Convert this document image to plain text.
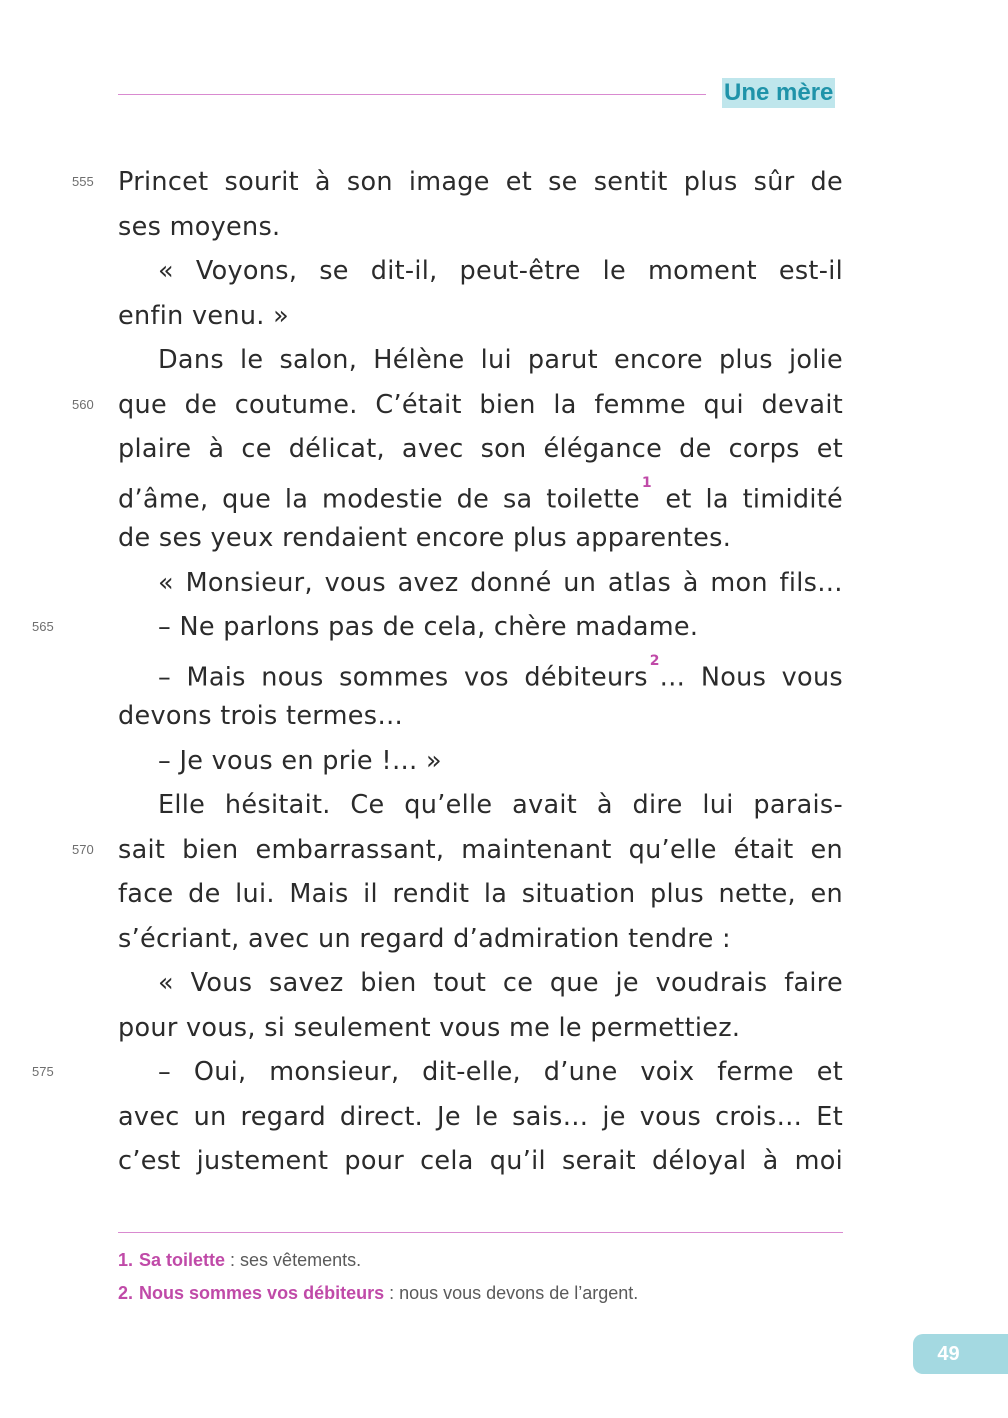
Une mère
555 Princet sourit à son image et se sentit plus sûr de
ses moyens.
« Voyons, se dit-il, peut-être le moment est-il
enfin venu. »
Dans le salon, Hélène lui parut encore plus jolie
560 que de coutume. C’était bien la femme qui devait
plaire à ce délicat, avec son élégance de corps et
d’âme, que la modestie de sa toilette$^1$ et la timidité
de ses yeux rendaient encore plus apparentes.
« Monsieur, vous avez donné un atlas à mon fils…
565	– Ne parlons pas de cela, chère madame.
– Mais nous sommes vos débiteurs$^2$… Nous vous
devons trois termes…
– Je vous en prie !… »
Elle hésitait. Ce qu’elle avait à dire lui parais-
570 sait bien embarrassant, maintenant qu’elle était en
face de lui. Mais il rendit la situation plus nette, en
s’écriant, avec un regard d’admiration tendre :
« Vous savez bien tout ce que je voudrais faire
pour vous, si seulement vous me le permettiez.
575	– Oui, monsieur, dit-elle, d’une voix ferme et
avec un regard direct. Je le sais… je vous crois… Et
c’est justement pour cela qu’il serait déloyal à moi
1. Sa toilette : ses vêtements.
2. Nous sommes vos débiteurs : nous vous devons de l’argent.
49
